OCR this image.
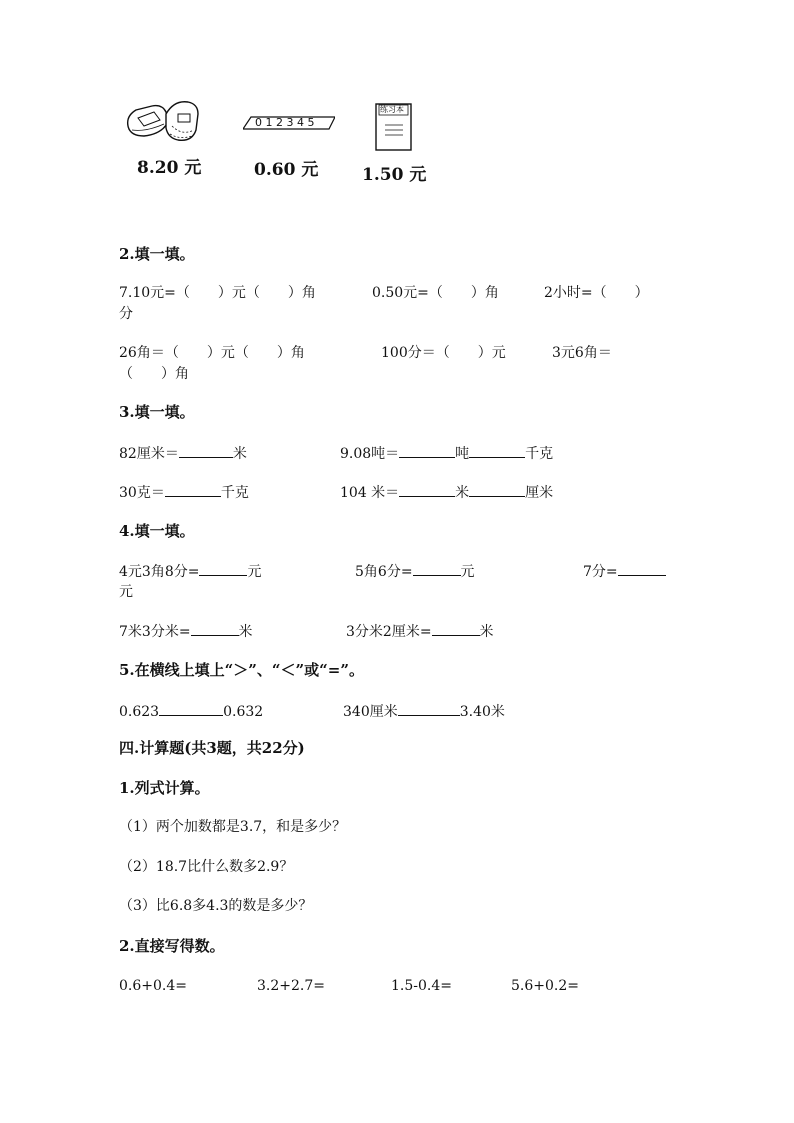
8.20 元
0 1 2 3 4 5
0.60 元
练习本
1.50 元
2.填一填。
7.10元=（　　）元（　　）角	0.50元=（　　）角	2小时=（　　）
分
26角＝（　　）元（　　）角	100分＝（　　）元	3元6角＝
（　　）角
3.填一填。
82厘米＝	米	9.08吨＝	吨	千克
30克＝	千克	104 米＝	米	厘米
4.填一填。
4元3角8分=	元	5角6分=	元	7分=
元
7米3分米=	米	3分米2厘米=	米
5.在横线上填上“＞”、“＜”或“=”。
0.623	0.632	340厘米	3.40米
四.计算题(共3题，共22分)
1.列式计算。
（1）两个加数都是3.7，和是多少？
（2）18.7比什么数多2.9？
（3）比6.8多4.3的数是多少？
2.直接写得数。
0.6+0.4=	3.2+2.7=	1.5-0.4=	5.6+0.2=
